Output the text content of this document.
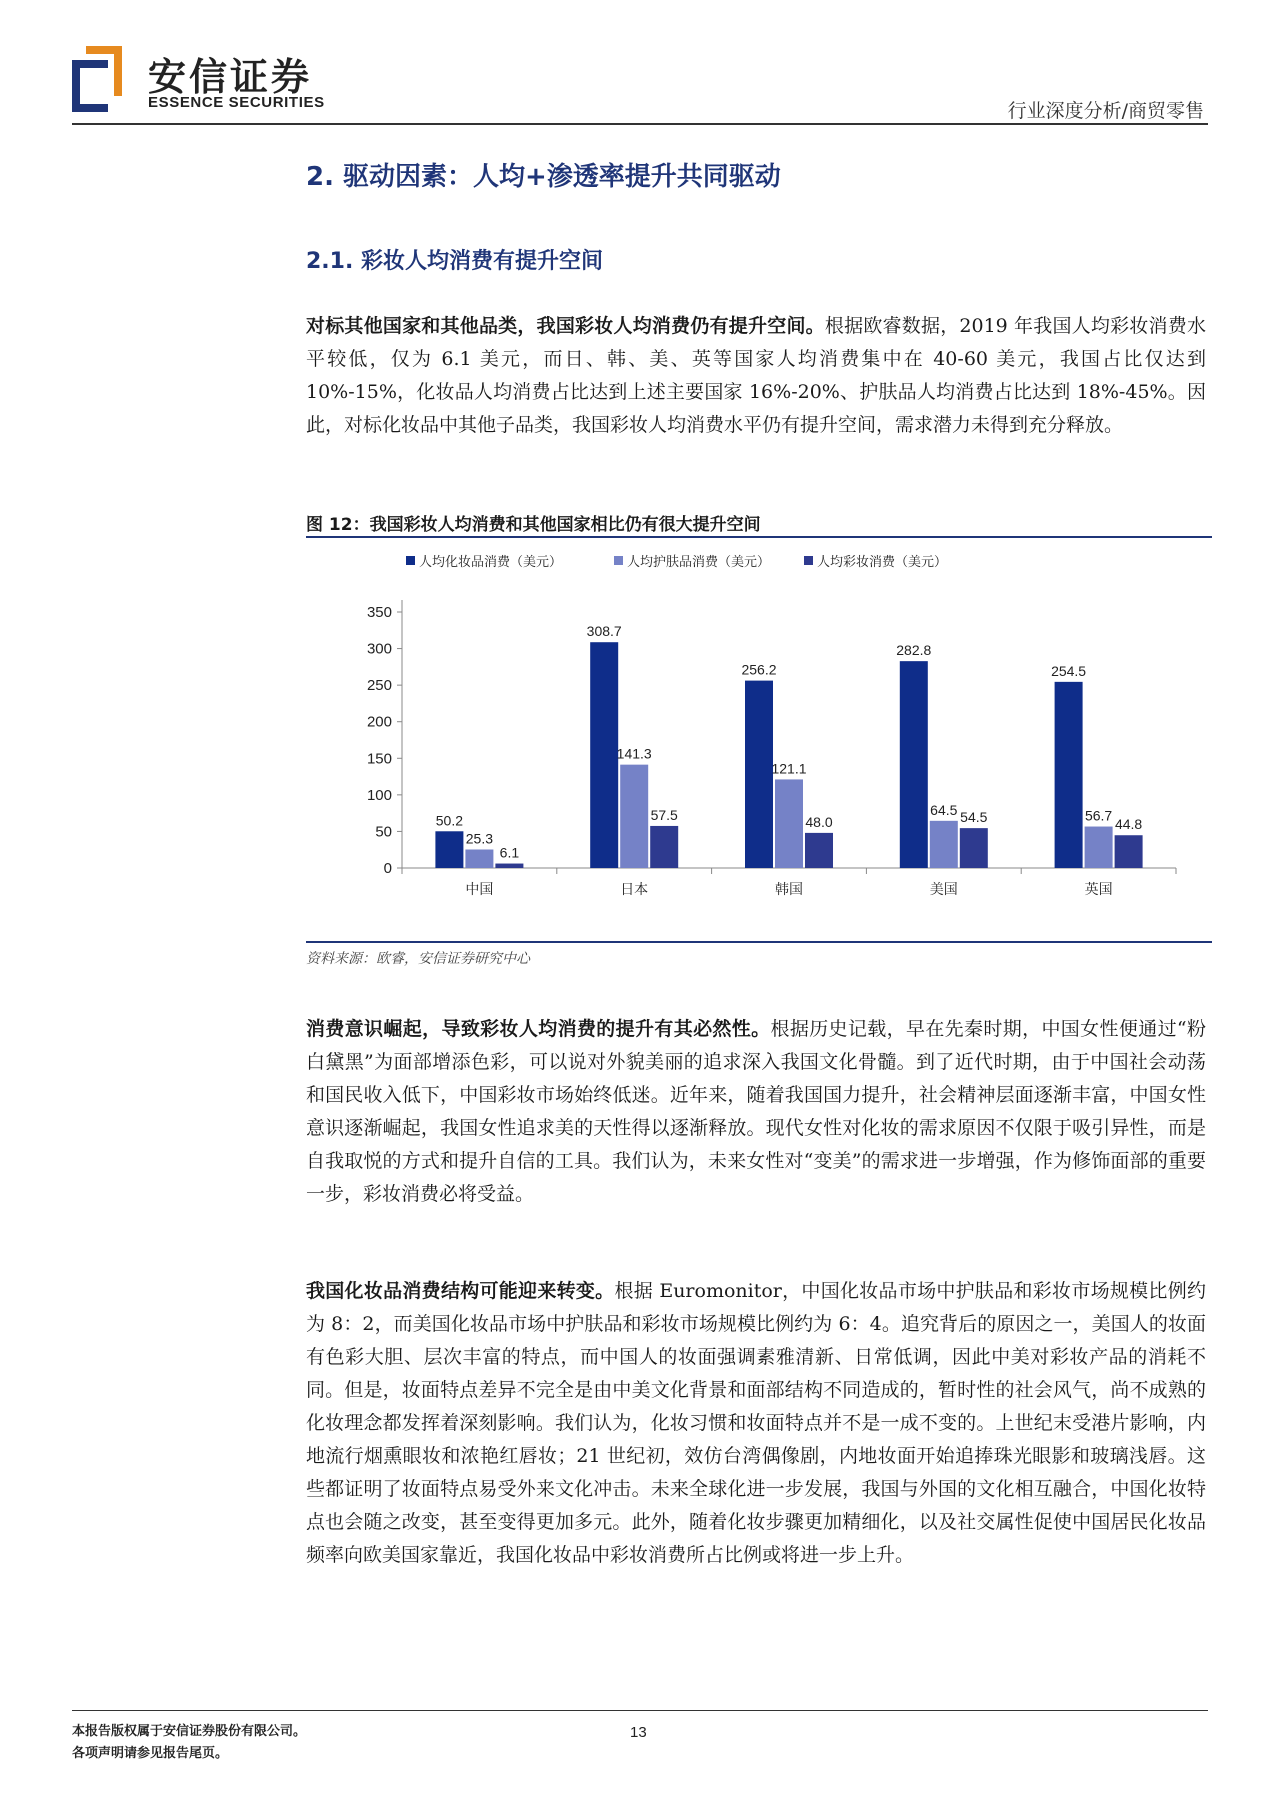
安信证券
ESSENCE SECURITIES	行业深度分析/商贸零售
2. 驱动因素：人均+渗透率提升共同驱动
2.1. 彩妆人均消费有提升空间
对标其他国家和其他品类，我国彩妆人均消费仍有提升空间。根据欧睿数据，2019 年我国人均彩妆消费水平较低，仅为 6.1 美元，而日、韩、美、英等国家人均消费集中在 40-60 美元，我国占比仅达到 10%-15%，化妆品人均消费占比达到上述主要国家 16%-20%、护肤品人均消费占比达到 18%-45%。因此，对标化妆品中其他子品类，我国彩妆人均消费水平仍有提升空间，需求潜力未得到充分释放。
图 12：我国彩妆人均消费和其他国家相比仍有很大提升空间
人均化妆品消费（美元）	人均护肤品消费（美元）	人均彩妆消费（美元）
0
50
100
150
200
250
300
350
50.2
25.3
6.1
中国
308.7
141.3
57.5
日本
256.2
121.1
48.0
韩国
282.8
64.5 54.5
美国
254.5
56.7
44.8
英国
资料来源：欧睿，安信证券研究中心
消费意识崛起，导致彩妆人均消费的提升有其必然性。根据历史记载，早在先秦时期，中国女性便通过“粉白黛黑”为面部增添色彩，可以说对外貌美丽的追求深入我国文化骨髓。到了近代时期，由于中国社会动荡和国民收入低下，中国彩妆市场始终低迷。近年来，随着我国国力提升，社会精神层面逐渐丰富，中国女性意识逐渐崛起，我国女性追求美的天性得以逐渐释放。现代女性对化妆的需求原因不仅限于吸引异性，而是自我取悦的方式和提升自信的工具。我们认为，未来女性对“变美”的需求进一步增强，作为修饰面部的重要一步，彩妆消费必将受益。
我国化妆品消费结构可能迎来转变。根据 Euromonitor，中国化妆品市场中护肤品和彩妆市场规模比例约为 8：2，而美国化妆品市场中护肤品和彩妆市场规模比例约为 6：4。追究背后的原因之一，美国人的妆面有色彩大胆、层次丰富的特点，而中国人的妆面强调素雅清新、日常低调，因此中美对彩妆产品的消耗不同。但是，妆面特点差异不完全是由中美文化背景和面部结构不同造成的，暂时性的社会风气，尚不成熟的化妆理念都发挥着深刻影响。我们认为，化妆习惯和妆面特点并不是一成不变的。上世纪末受港片影响，内地流行烟熏眼妆和浓艳红唇妆；21 世纪初，效仿台湾偶像剧，内地妆面开始追捧珠光眼影和玻璃浅唇。这些都证明了妆面特点易受外来文化冲击。未来全球化进一步发展，我国与外国的文化相互融合，中国化妆特点也会随之改变，甚至变得更加多元。此外，随着化妆步骤更加精细化，以及社交属性促使中国居民化妆品频率向欧美国家靠近，我国化妆品中彩妆消费所占比例或将进一步上升。
本报告版权属于安信证券股份有限公司。
各项声明请参见报告尾页。
13
